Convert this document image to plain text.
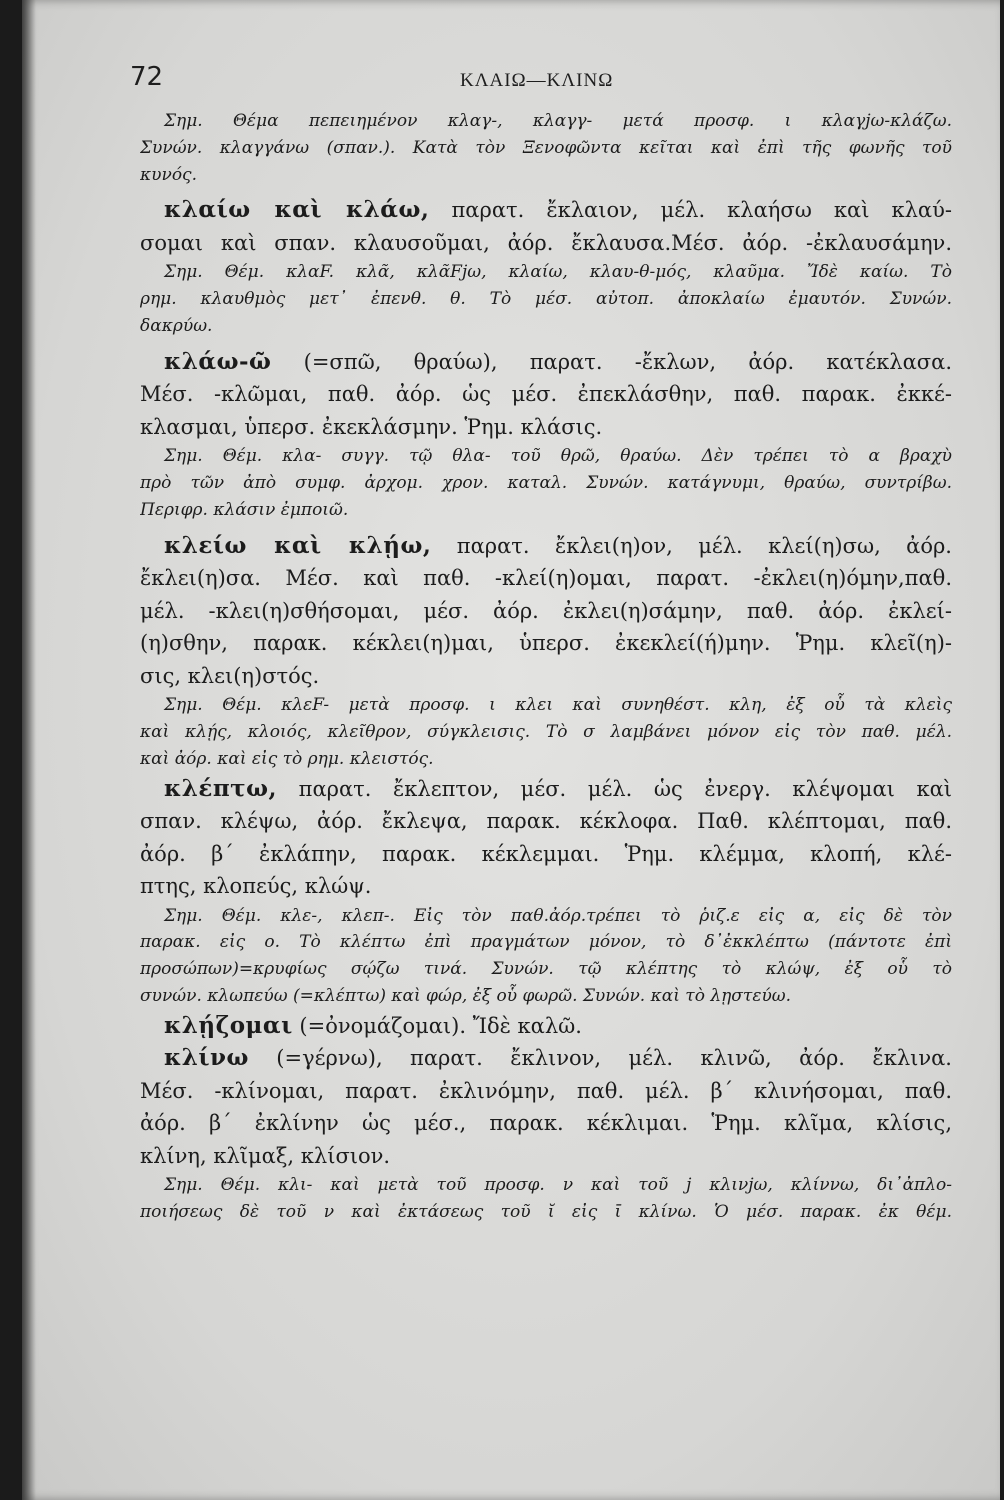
72	ΚΛΑΙΩ—ΚΛΙΝΩ
Σημ. Θέμα πεπειημένον κλαγ-, κλαγγ- μετά προσφ. ι κλαγjω-κλάζω.
Συνών. κλαγγάνω (σπαν.). Κατὰ τὸν Ξενοφῶντα κεῖται καὶ ἐπὶ τῆς φωνῆς τοῦ
κυνός.
κλαίω καὶ κλάω, παρατ. ἔκλαιον, μέλ. κλαήσω καὶ κλαύ-
σομαι καὶ σπαν. κλαυσοῦμαι, ἀόρ. ἔκλαυσα.Μέσ. ἀόρ. -ἐκλαυσάμην.
Σημ. Θέμ. κλαF. κλᾶ, κλᾶFjω, κλαίω, κλαυ-θ-μός, κλαῦμα. Ἴδὲ καίω. Τὸ
ρημ. κλαυθμὸς μετ᾿ ἐπενθ. θ. Τὸ μέσ. αὐτοπ. ἀποκλαίω ἐμαυτόν. Συνών.
δακρύω.
κλάω-ῶ (=σπῶ, θραύω), παρατ. -ἔκλων, ἀόρ. κατέκλασα.
Μέσ. -κλῶμαι, παθ. ἀόρ. ὡς μέσ. ἐπεκλάσθην, παθ. παρακ. ἐκκέ-
κλασμαι, ὑπερσ. ἐκεκλάσμην. Ῥημ. κλάσις.
Σημ. Θέμ. κλα- συγγ. τῷ θλα- τοῦ θρῶ, θραύω. Δὲν τρέπει τὸ α βραχὺ
πρὸ τῶν ἀπὸ συμφ. ἀρχομ. χρον. καταλ. Συνών. κατάγνυμι, θραύω, συντρίβω.
Περιφρ. κλάσιν ἐμποιῶ.
κλείω καὶ κλῄω, παρατ. ἔκλει(η)ον, μέλ. κλεί(η)σω, ἀόρ.
ἔκλει(η)σα. Μέσ. καὶ παθ. -κλεί(η)ομαι, παρατ. -ἐκλει(η)όμην,παθ.
μέλ. -κλει(η)σθήσομαι, μέσ. ἀόρ. ἐκλει(η)σάμην, παθ. ἀόρ. ἐκλεί-
(η)σθην, παρακ. κέκλει(η)μαι, ὑπερσ. ἐκεκλεί(ή)μην. Ῥημ. κλεῖ(η)-
σις, κλει(η)στός.
Σημ. Θέμ. κλεF- μετὰ προσφ. ι κλει καὶ συνηθέστ. κλη, ἐξ οὗ τὰ κλεὶς
καὶ κλῄς, κλοιός, κλεῖθρον, σύγκλεισις. Τὸ σ λαμβάνει μόνον εἰς τὸν παθ. μέλ.
καὶ ἀόρ. καὶ εἰς τὸ ρημ. κλειστός.
κλέπτω, παρατ. ἔκλεπτον, μέσ. μέλ. ὡς ἐνεργ. κλέψομαι καὶ
σπαν. κλέψω, ἀόρ. ἔκλεψα, παρακ. κέκλοφα. Παθ. κλέπτομαι, παθ.
ἀόρ. β΄ ἐκλάπην, παρακ. κέκλεμμαι. Ῥημ. κλέμμα, κλοπή, κλέ-
πτης, κλοπεύς, κλώψ.
Σημ. Θέμ. κλε-, κλεπ-. Εἰς τὸν παθ.ἀόρ.τρέπει τὸ ῥιζ.ε εἰς α, εἰς δὲ τὸν
παρακ. εἰς ο. Τὸ κλέπτω ἐπὶ πραγμάτων μόνον, τὸ δ᾿ἐκκλέπτω (πάντοτε ἐπὶ
προσώπων)=κρυφίως σῴζω τινά. Συνών. τῷ κλέπτης τὸ κλώψ, ἐξ οὗ τὸ
συνών. κλωπεύω (=κλέπτω) καὶ φώρ, ἐξ οὗ φωρῶ. Συνών. καὶ τὸ λῃστεύω.
κλῄζομαι (=ὀνομάζομαι). Ἴδὲ καλῶ.
κλίνω (=γέρνω), παρατ. ἔκλινον, μέλ. κλινῶ, ἀόρ. ἔκλινα.
Μέσ. -κλίνομαι, παρατ. ἐκλινόμην, παθ. μέλ. β΄ κλινήσομαι, παθ.
ἀόρ. β΄ ἐκλίνην ὡς μέσ., παρακ. κέκλιμαι. Ῥημ. κλῖμα, κλίσις,
κλίνη, κλῖμαξ, κλίσιον.
Σημ. Θέμ. κλι- καὶ μετὰ τοῦ προσφ. ν καὶ τοῦ j κλινjω, κλίννω, δι᾿ἀπλο-
ποιήσεως δὲ τοῦ ν καὶ ἐκτάσεως τοῦ ῐ εἰς ῑ κλίνω. Ὁ μέσ. παρακ. ἐκ θέμ.
